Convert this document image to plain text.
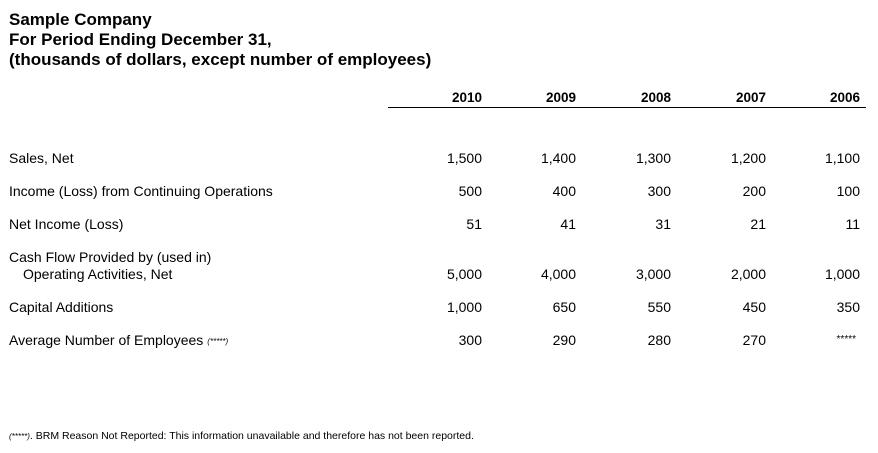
Sample Company
For Period Ending December 31,
(thousands of dollars, except number of employees)
2010	2009	2008	2007	2006
Sales, Net	1,500	1,400	1,300	1,200	1,100
Income (Loss) from Continuing Operations	500	400	300	200	100
Net Income (Loss)	51	41	31	21	11
Cash Flow Provided by (used in)
Operating Activities, Net	5,000	4,000	3,000	2,000	1,000
Capital Additions	1,000	650	550	450	350
Average Number of Employees (*****)	300	290	280	270	*****
(*****). BRM Reason Not Reported: This information unavailable and therefore has not been reported.
